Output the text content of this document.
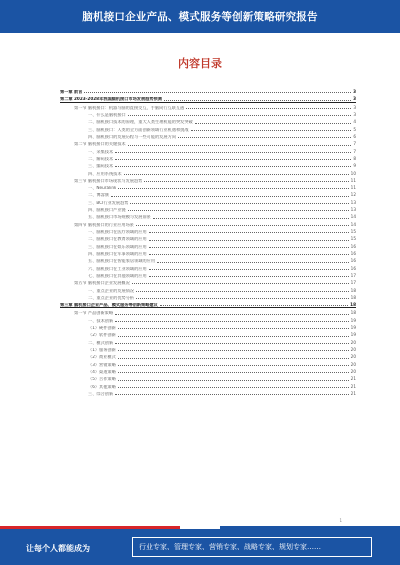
脑机接口企业产品、模式服务等创新策略研究报告
内容目录
第一章 前言	3
第二章 2023-2028年我国脑机接口市场发展趋势预测	3
第一节 脑机接口：机器与脑的直接交互，手脑同行互联互通	3
一、什么是脑机接口	3
二、脑机接口技术的原理，重大人类生理机能的突发突破	4
三、脑机接口：人类的全方面创新领域行业机遇和挑战	5
四、脑机接口的发展历程与一些可能的发展方向	6
第二节 脑机接口的关键技术	7
一、采集技术	7
二、解码技术	8
三、编码技术	9
四、应用系统技术	10
第三节 脑机接口市场现状与发展趋势	11
一、Neuralink	11
二、博睿康	12
三、BCI行业发展趋势	13
四、脑机接口产业链	13
五、脑机接口市场规模与发展前景	14
第四节 脑机接口的行业应用场景	14
一、脑机接口在医疗领域的应用	15
二、脑机接口在教育领域的应用	15
三、脑机接口在娱乐领域的应用	16
四、脑机接口在军事领域的应用	16
五、脑机接口在智能家居领域的应用	16
六、脑机接口在工业领域的应用	16
七、脑机接口在其他领域的应用	17
第五节 脑机接口企业发展概况	17
一、重点企业的发展情况	18
二、重点企业的优势分析	18
第三章 脑机接口企业产品、模式服务等创新策略建议	18
第一节 产品创新策略	18
一、技术创新	19
（1）硬件创新	19
（2）软件创新	19
二、模式创新	20
（1）服务创新	20
（2）商业模式	20
（3）营销策略	20
（4）渠道策略	20
（5）合作策略	21
（6）其他策略	21
三、综合创新	21
1
让每个人都能成为	行业专家、管理专家、营销专家、战略专家、规划专家……
